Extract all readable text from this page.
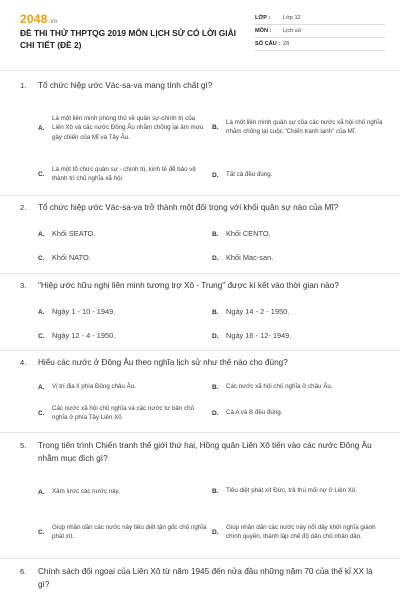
2048.vn
ĐỀ THI THỬ THPTQG 2019 MÔN LỊCH SỬ CÓ LỜI GIẢI CHI TIẾT (ĐỀ 2)
LỚP :	Lớp 12
MÔN :	Lịch sử
SỐ CÂU : 28
1. Tổ chức hiệp ước Vác-sa-va mang tính chất gì?
A.
Là một liên minh phòng thủ về quân sự-chính trị của Liên Xô và các nước Đông Âu nhằm chống lại âm mưu gây chiến của Mĩ và Tây Âu.
B.
Là một liên minh quân sự của các nước xã hội chủ nghĩa nhằm chống lại cuộc "Chiến tranh lạnh" của Mĩ.
C.
Là một tổ chức quân sự - chính trị, kinh tế để bảo vệ thành trì chủ nghĩa xã hội.	D.	Tất cả đều đúng.
2. Tổ chức hiệp ước Vác-sa-va trở thành một đối trọng với khối quân sự nào của Mĩ?
A.	Khối SEATO.	B.	Khối CENTO.
C.	Khối NATO.	D.	Khối Mac-san.
3. "Hiệp ước hữu nghị liên minh tương trợ Xô - Trung" được kí kết vào thời gian nào?
A.	Ngày 1 - 10 - 1949.	B.	Ngày 14 - 2 - 1950.
C.	Ngày 12 - 4 - 1950.	D.	Ngày 16 - 12- 1949.
4. Hiểu các nước ở Đông Âu theo nghĩa lịch sử như thế nào cho đúng?
A.	Vị trí địa lí phía Đông châu Âu.	B.	Các nước xã hội chủ nghĩa ở châu Âu.
C.
Các nước xã hội chủ nghĩa và các nước tư bản chủ nghĩa ở phía Tây Liên Xô
D.	Cả A và B đều đúng.
5. Trong tiến trình Chiến tranh thế giới thứ hai, Hồng quân Liên Xô tiến vào các nước Đông Âu nhằm mục đích gì?
A.	Xâm lược các nước này.	B.	Tiêu diệt phát xít Đức, trả thù mối nợ ở Liên Xô.
C.
Giúp nhân dân các nước này tiêu diệt tận gốc chủ nghĩa phát xít.
D.
Giúp nhân dân các nước này nổi dậy khởi nghĩa giành chính quyền, thành lập chế độ dân chủ nhân dân.
6. Chính sách đối ngoại của Liên Xô từ năm 1945 đến nửa đầu những năm 70 của thế kỉ XX là gì?
